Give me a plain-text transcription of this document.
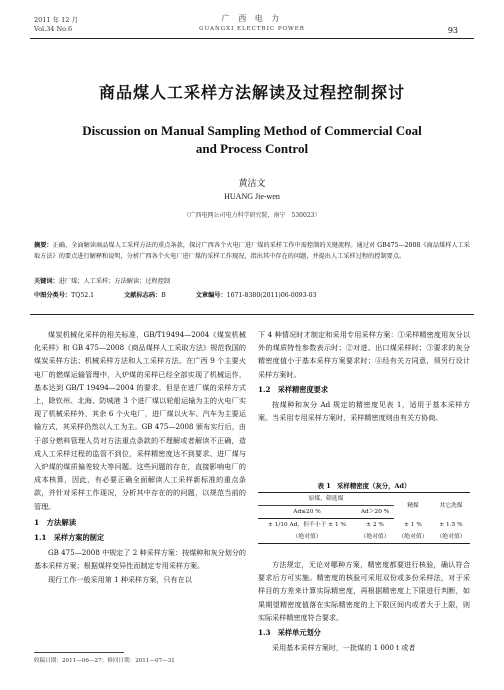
2011 年 12 月
Vol.34 No.6
广 西 电 力
GUANGXI ELECTRIC POWER	93
商品煤人工采样方法解读及过程控制探讨
Discussion on Manual Sampling Method of Commercial Coal
and Process Control
黄洁文
HUANG Jie-wen
（广西电网公司电力科学研究院，南宁　530023）
摘要：正确、全面解读商品煤人工采样方法的重点条款，探讨广西各个火电厂进厂煤的采样工作中需控制的关键流程。通过对 GB475—2008《商品煤样人工采取方法》的要点进行解释和说明，分析广西各个火电厂进厂煤的采样工作现况，指出其中存在的问题，并提出人工采样过程的控制要点。
关键词：进厂煤；人工采样；方法解读；过程控制
中图分类号：TQ52.1	文献标志码：B	文章编号：1671-8380(2011)06-0093-03

煤炭机械化采样的相关标准，GB/T19494—2004《煤炭机械化采样》和 GB 475—2008《商品煤样人工采取方法》规范我国的煤炭采样方法；机械采样方法和人工采样方法。在广西 9 个主要火电厂的燃煤运输管理中，入炉煤的采样已经全部实现了机械运作，基本达到 GB/T 19494—2004 的要求。但是在进厂煤的采样方式上，除钦州、北海、防城港 3 个进厂煤以轮船运输为主的火电厂实现了机械采样外，其余 6 个火电厂，进厂煤以火车、汽车为主要运输方式，其采样仍然以人工为主。GB 475—2008 颁布实行后，由于部分燃料管理人员对方法重点条款的不理解或者解读不正确，造成人工采样过程的监管不到位，采样精密度达不到要求、进厂煤与入炉煤的煤质偏差较大等问题。这些问题的存在，直接影响电厂的成本核算，因此，有必要正确全面解读人工采样新标准的重点条款，并针对采样工作现况，分析其中存在的的问题，以规范当前的管理。

1　方法解读
1.1　采样方案的制定

GB 475—2008 中规定了 2 种采样方案：按煤种和灰分划分的基本采样方案；根据煤样变异性而制定专用采样方案。

现行工作一般采用第 1 种采样方案，只有在以

下 4 种情况时才制定和采用专用采样方案：①采样精密度用灰分以外的煤质特性参数表示时；②对进、出口煤采样时；③要求的灰分精密度值小于基本采样方案要求时；④经有关方同意，须另行设计采样方案时。

1.2　采样精密度要求

按煤种和灰分 Ad 规定的精密度见表 1，适用于基本采样方案。当采用专用采样方案时，采样精密度则由有关方协商。

表 1　采样精密度（灰分，Ad）
原煤、筛选煤		精煤	其它洗煤
Ad≤20 %	Ad＞20 %		
± 1/10 Ad，但不小于 ± 1 %	± 2 %	± 1 %	± 1.5 %
（绝对值）	（绝对值）	（绝对值）	（绝对值）

方法规定，无论对哪种方案，精密度都要进行核验，确认符合要求后方可实施。精密度的核验可采用双份或多份采样法，对于采样目的方差来计算实际精密度，再根据精密度上下限进行判断，如果期望精密度值落在实际精密度的上下限区间内或者大于上限，则实际采样精密度符合要求。

1.3　采样单元划分

采用基本采样方案时，一批煤的 1 000 t 或者

收稿日期：2011—06—27；修回日期：2011—07—31
